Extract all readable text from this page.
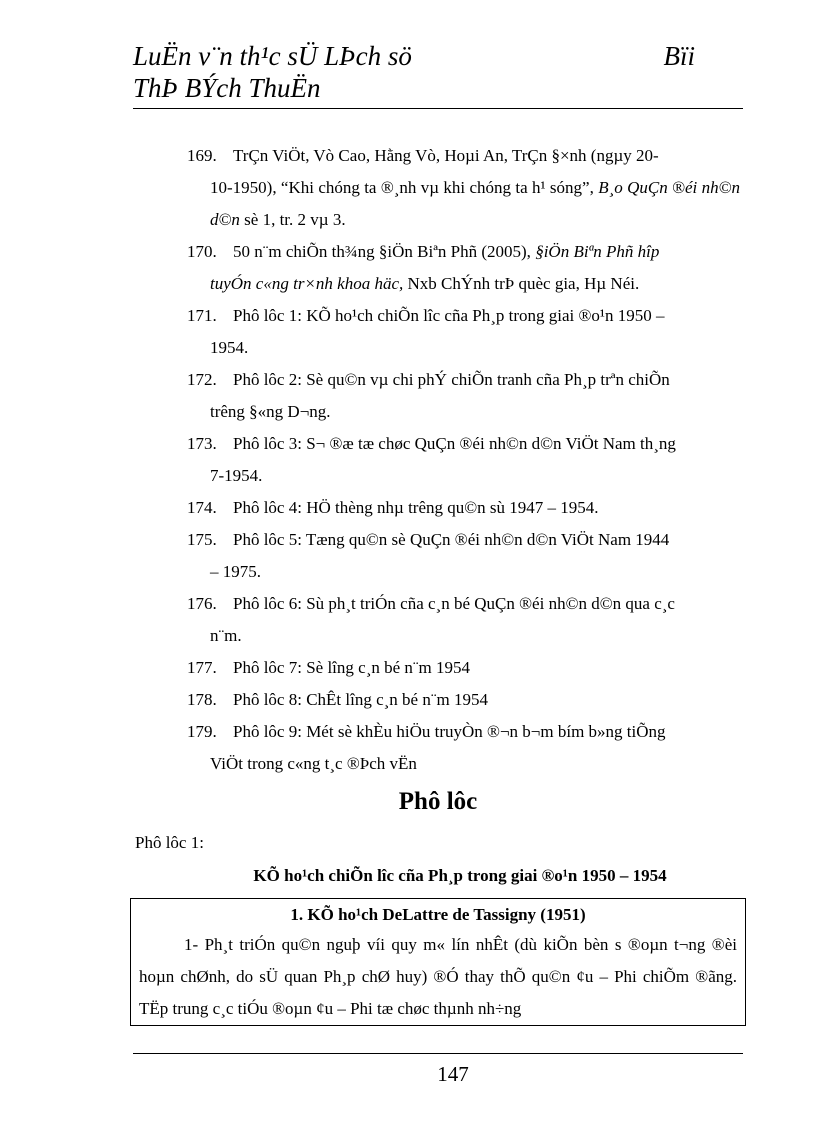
LuËn v¨n th¹c sÜ LÞch sö	Bïi
ThÞ BÝch ThuËn
169. TrÇn ViÖt, Vò Cao, Hằng Vò, Hoµi An, TrÇn §×nh (ngµy 20-
10-1950), “Khi chóng ta ®¸nh vµ khi chóng ta h¹ sóng”, B¸o QuÇn ®éi nh©n d©n sè 1, tr. 2 vµ 3.
170. 50 n¨m chiÕn th¾ng §iÖn Biªn Phñ (2005), §iÖn Biªn Phñ hîp
tuyÓn c«ng tr×nh khoa häc, Nxb ChÝnh trÞ quèc gia, Hµ Néi.
171. Phô lôc 1: KÕ ho¹ch chiÕn lîc cña Ph¸p trong giai ®o¹n 1950 –
1954.
172. Phô lôc 2: Sè qu©n vµ chi phÝ chiÕn tranh cña Ph¸p trªn chiÕn
trêng §«ng D¬ng.
173. Phô lôc 3: S¬ ®æ tæ chøc QuÇn ®éi nh©n d©n ViÖt Nam th¸ng
7-1954.
174. Phô lôc 4: HÖ thèng nhµ trêng qu©n sù 1947 – 1954.
175. Phô lôc 5: Tæng qu©n sè QuÇn ®éi nh©n d©n ViÖt Nam 1944
– 1975.
176. Phô lôc 6: Sù ph¸t triÓn cña c¸n bé QuÇn ®éi nh©n d©n qua c¸c
n¨m.
177. Phô lôc 7: Sè lîng c¸n bé n¨m 1954
178. Phô lôc 8: ChÊt lîng c¸n bé n¨m 1954
179. Phô lôc 9: Mét sè khÈu hiÖu truyÒn ®¬n b¬m bím b»ng tiÕng
ViÖt trong c«ng t¸c ®Þch vËn
Phô lôc
Phô lôc 1:
KÕ ho¹ch chiÕn lîc cña Ph¸p trong giai ®o¹n 1950 – 1954
1. KÕ ho¹ch DeLattre de Tassigny (1951)

1- Ph¸t triÓn qu©n nguþ víi quy m« lín nhÊt (dù kiÕn bèn s ®oµn t¬ng ®èi hoµn chØnh, do sÜ quan Ph¸p chØ huy) ®Ó thay thÕ qu©n ¢u – Phi chiÕm ®ãng. TËp trung c¸c tiÓu ®oµn ¢u – Phi tæ chøc thµnh nh÷ng

147
